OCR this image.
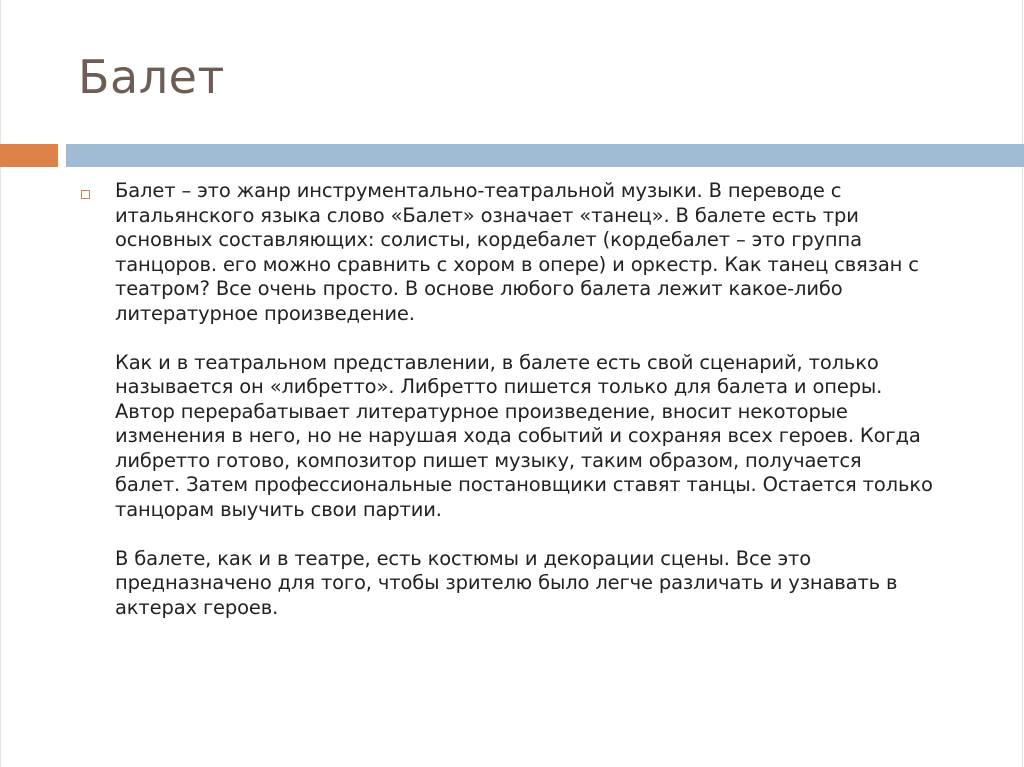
Балет

Балет – это жанр инструментально-театральной музыки. В переводе с
итальянского языка слово «Балет» означает «танец». В балете есть три
основных составляющих: солисты, кордебалет (кордебалет – это группа
танцоров. его можно сравнить с хором в опере) и оркестр. Как танец связан с
театром? Все очень просто. В основе любого балета лежит какое-либо
литературное произведение.

Как и в театральном представлении, в балете есть свой сценарий, только
называется он «либретто». Либретто пишется только для балета и оперы.
Автор перерабатывает литературное произведение, вносит некоторые
изменения в него, но не нарушая хода событий и сохраняя всех героев. Когда
либретто готово, композитор пишет музыку, таким образом, получается
балет. Затем профессиональные постановщики ставят танцы. Остается только
танцорам выучить свои партии.

В балете, как и в театре, есть костюмы и декорации сцены. Все это
предназначено для того, чтобы зрителю было легче различать и узнавать в
актерах героев.
